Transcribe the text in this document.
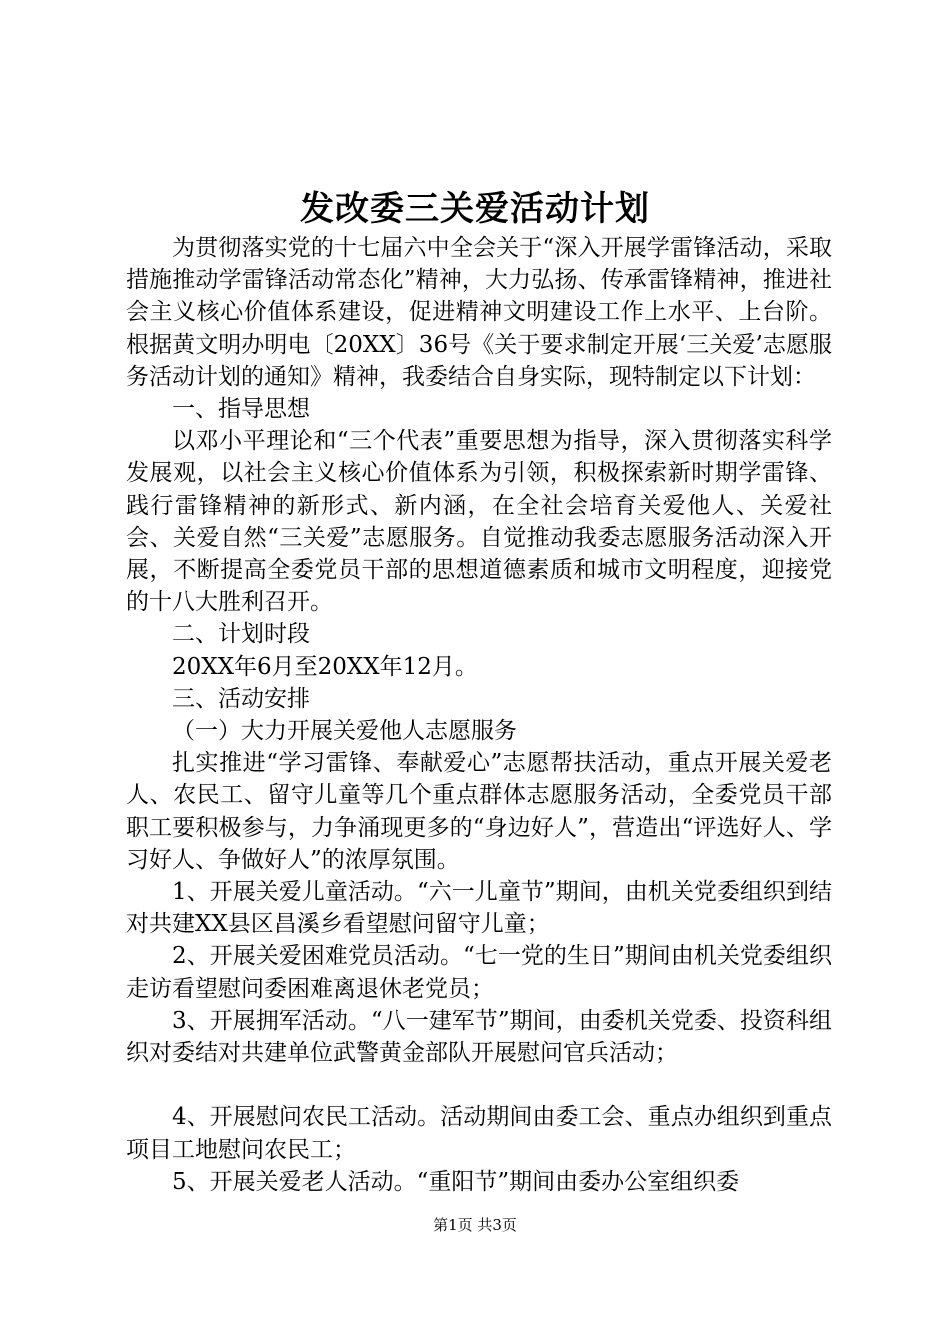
发改委三关爱活动计划

为贯彻落实党的十七届六中全会关于“深入开展学雷锋活动，采取措施推动学雷锋活动常态化”精神，大力弘扬、传承雷锋精神，推进社会主义核心价值体系建设，促进精神文明建设工作上水平、上台阶。根据黄文明办明电〔20XX〕36号《关于要求制定开展‘三关爱’志愿服务活动计划的通知》精神，我委结合自身实际，现特制定以下计划：

一、指导思想

以邓小平理论和“三个代表”重要思想为指导，深入贯彻落实科学发展观，以社会主义核心价值体系为引领，积极探索新时期学雷锋、践行雷锋精神的新形式、新内涵，在全社会培育关爱他人、关爱社会、关爱自然“三关爱”志愿服务。自觉推动我委志愿服务活动深入开展，不断提高全委党员干部的思想道德素质和城市文明程度，迎接党的十八大胜利召开。

二、计划时段

20XX年6月至20XX年12月。

三、活动安排

（一）大力开展关爱他人志愿服务

扎实推进“学习雷锋、奉献爱心”志愿帮扶活动，重点开展关爱老人、农民工、留守儿童等几个重点群体志愿服务活动，全委党员干部职工要积极参与，力争涌现更多的“身边好人”，营造出“评选好人、学习好人、争做好人”的浓厚氛围。

1、开展关爱儿童活动。“六一儿童节”期间，由机关党委组织到结对共建XX县区昌溪乡看望慰问留守儿童；

2、开展关爱困难党员活动。“七一党的生日”期间由机关党委组织走访看望慰问委困难离退休老党员；

3、开展拥军活动。“八一建军节”期间，由委机关党委、投资科组织对委结对共建单位武警黄金部队开展慰问官兵活动；

4、开展慰问农民工活动。活动期间由委工会、重点办组织到重点项目工地慰问农民工；

5、开展关爱老人活动。“重阳节”期间由委办公室组织委

第1页 共3页
